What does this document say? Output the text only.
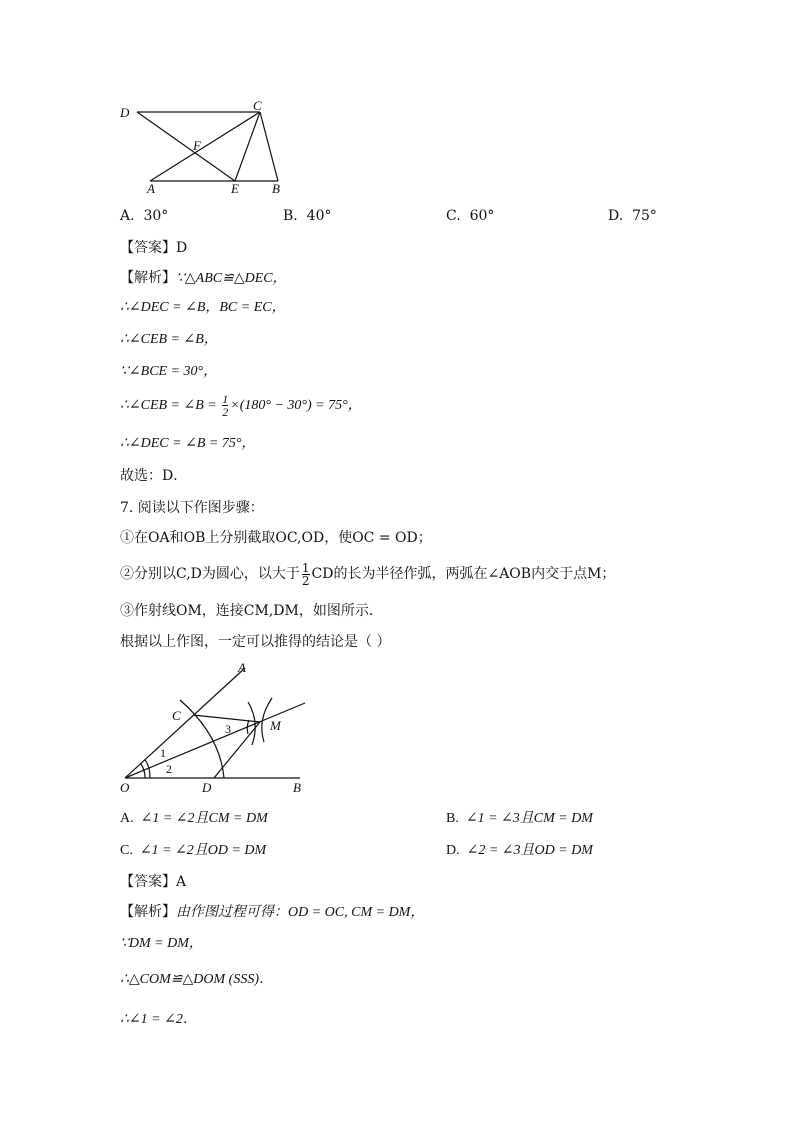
D	C
F
A	E	B
A. 30°	B. 40°	C. 60°	D. 75°
【答案】D
【解析】∵△ABC≌△DEC，
∴∠DEC = ∠B，BC = EC，
∴∠CEB = ∠B，
∵∠BCE = 30°，
∴∠CEB = ∠B = $\frac{1}{2} \times(180^\circ - 30^\circ) = 75^\circ$，
∴∠DEC = ∠B = 75°，
故选：D．
7. 阅读以下作图步骤：
①在OA和OB上分别截取OC,OD，使OC = OD；
②分别以C,D为圆心，以大于 $\frac{1}{2}$ CD的长为半径作弧，两弧在∠AOB内交于点M；
③作射线OM，连接CM,DM，如图所示．
根据以上作图，一定可以推得的结论是（ ）
A
C
M
O	D	B
1
2
3
A. ∠1 = ∠2且CM = DM	B. ∠1 = ∠3且CM = DM
C. ∠1 = ∠2且OD = DM	D. ∠2 = ∠3且OD = DM
【答案】A
【解析】由作图过程可得：OD = OC, CM = DM，
∵DM = DM，
∴△COM≌△DOM (SSS)．
∴∠1 = ∠2．
